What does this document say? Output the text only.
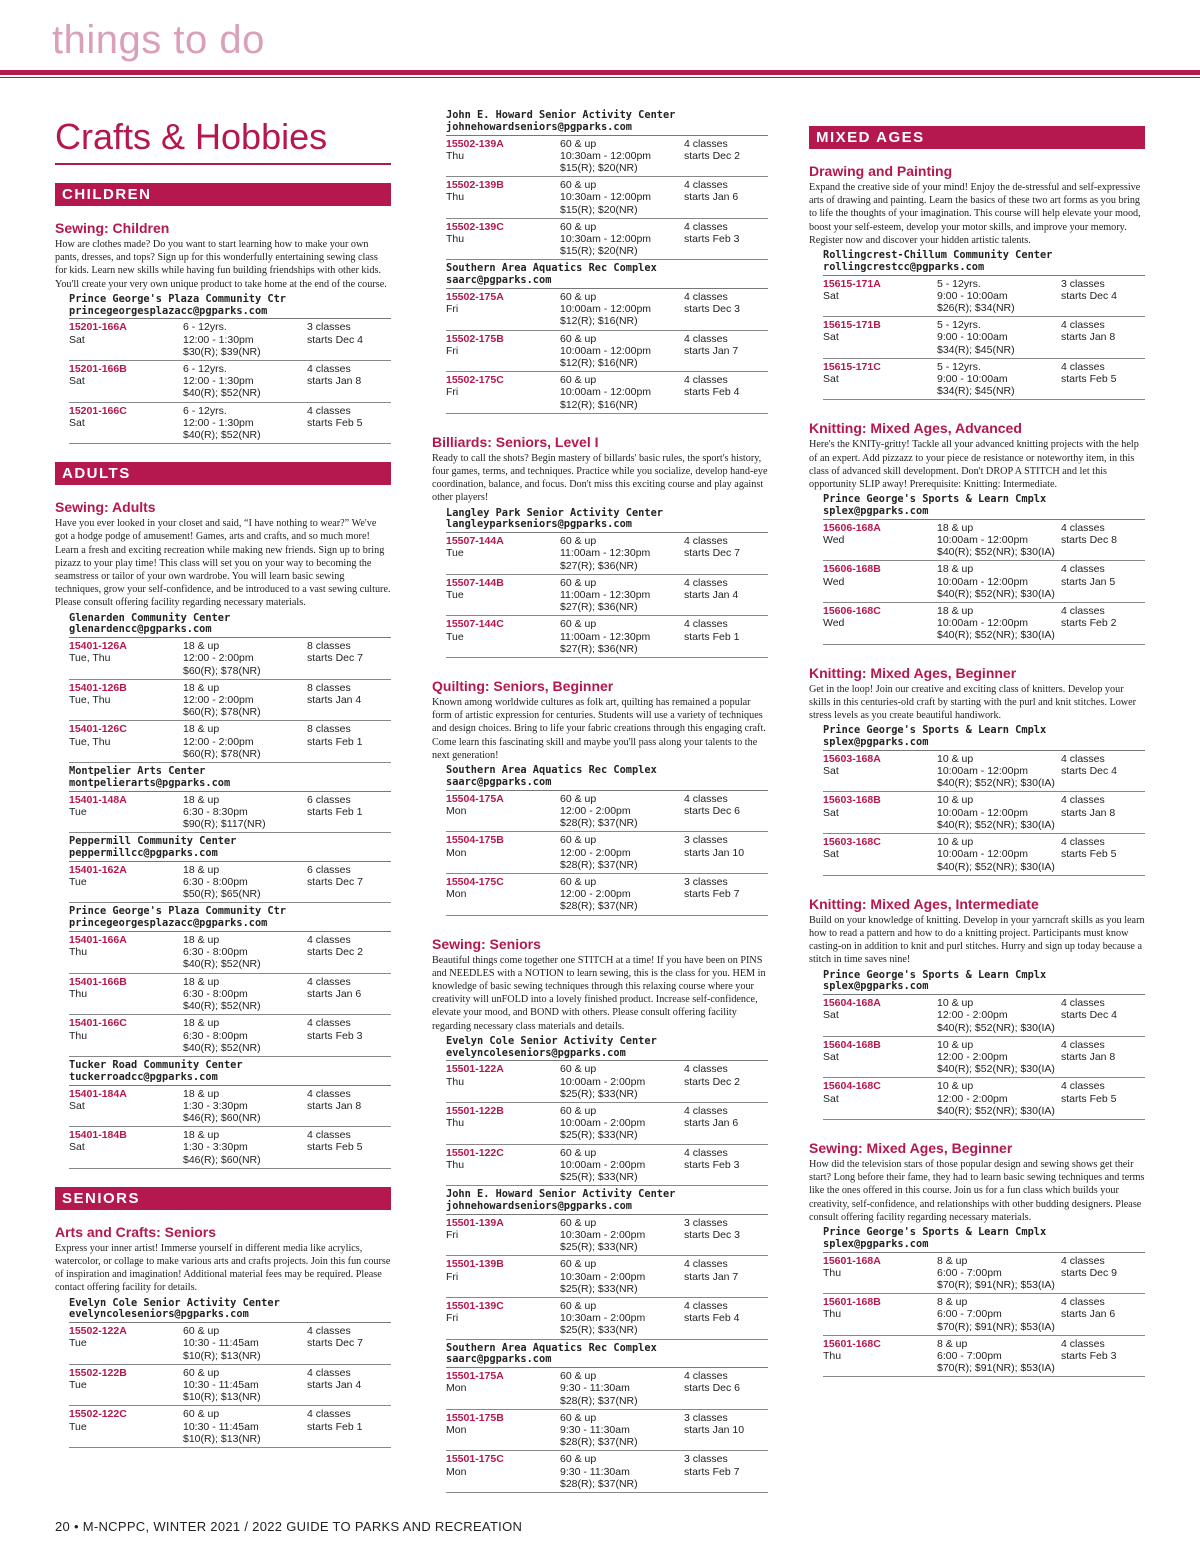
things to do
Crafts & Hobbies
CHILDREN
Sewing: Children
How are clothes made? Do you want to start learning how to make your own pants, dresses, and tops? Sign up for this wonderfully entertaining sewing class for kids. Learn new skills while having fun building friendships with other kids. You'll create your very own unique product to take home at the end of the course.
Prince George's Plaza Community Ctr
princegeorgesplazacc@pgparks.com
15201-166A
Sat
6 - 12yrs.
12:00 - 1:30pm
$30(R); $39(NR)
3 classes
starts Dec 4
15201-166B
Sat
6 - 12yrs.
12:00 - 1:30pm
$40(R); $52(NR)
4 classes
starts Jan 8
15201-166C
Sat
6 - 12yrs.
12:00 - 1:30pm
$40(R); $52(NR)
4 classes
starts Feb 5
ADULTS
Sewing: Adults
Have you ever looked in your closet and said, “I have nothing to wear?” We've got a hodge podge of amusement! Games, arts and crafts, and so much more! Learn a fresh and exciting recreation while making new friends. Sign up to bring pizazz to your play time! This class will set you on your way to becoming the seamstress or tailor of your own wardrobe. You will learn basic sewing techniques, grow your self-confidence, and be introduced to a vast sewing culture. Please consult offering facility regarding necessary materials.
Glenarden Community Center
glenardencc@pgparks.com
15401-126A
Tue, Thu
18 & up
12:00 - 2:00pm
$60(R); $78(NR)
8 classes
starts Dec 7
15401-126B
Tue, Thu
18 & up
12:00 - 2:00pm
$60(R); $78(NR)
8 classes
starts Jan 4
15401-126C
Tue, Thu
18 & up
12:00 - 2:00pm
$60(R); $78(NR)
8 classes
starts Feb 1
Montpelier Arts Center
montpelierarts@pgparks.com
15401-148A
Tue
18 & up
6:30 - 8:30pm
$90(R); $117(NR)
6 classes
starts Feb 1
Peppermill Community Center
peppermillcc@pgparks.com
15401-162A
Tue
18 & up
6:30 - 8:00pm
$50(R); $65(NR)
6 classes
starts Dec 7
Prince George's Plaza Community Ctr
princegeorgesplazacc@pgparks.com
15401-166A
Thu
18 & up
6:30 - 8:00pm
$40(R); $52(NR)
4 classes
starts Dec 2
15401-166B
Thu
18 & up
6:30 - 8:00pm
$40(R); $52(NR)
4 classes
starts Jan 6
15401-166C
Thu
18 & up
6:30 - 8:00pm
$40(R); $52(NR)
4 classes
starts Feb 3
Tucker Road Community Center
tuckerroadcc@pgparks.com
15401-184A
Sat
18 & up
1:30 - 3:30pm
$46(R); $60(NR)
4 classes
starts Jan 8
15401-184B
Sat
18 & up
1:30 - 3:30pm
$46(R); $60(NR)
4 classes
starts Feb 5
SENIORS
Arts and Crafts: Seniors
Express your inner artist! Immerse yourself in different media like acrylics, watercolor, or collage to make various arts and crafts projects. Join this fun course of inspiration and imagination! Additional material fees may be required. Please contact offering facility for details.
Evelyn Cole Senior Activity Center
evelyncoleseniors@pgparks.com
15502-122A
Tue
60 & up
10:30 - 11:45am
$10(R); $13(NR)
4 classes
starts Dec 7
15502-122B
Tue
60 & up
10:30 - 11:45am
$10(R); $13(NR)
4 classes
starts Jan 4
15502-122C
Tue
60 & up
10:30 - 11:45am
$10(R); $13(NR)
4 classes
starts Feb 1
John E. Howard Senior Activity Center
johnehowardseniors@pgparks.com
15502-139A
Thu
60 & up
10:30am - 12:00pm
$15(R); $20(NR)
4 classes
starts Dec 2
15502-139B
Thu
60 & up
10:30am - 12:00pm
$15(R); $20(NR)
4 classes
starts Jan 6
15502-139C
Thu
60 & up
10:30am - 12:00pm
$15(R); $20(NR)
4 classes
starts Feb 3
Southern Area Aquatics Rec Complex
saarc@pgparks.com
15502-175A
Fri
60 & up
10:00am - 12:00pm
$12(R); $16(NR)
4 classes
starts Dec 3
15502-175B
Fri
60 & up
10:00am - 12:00pm
$12(R); $16(NR)
4 classes
starts Jan 7
15502-175C
Fri
60 & up
10:00am - 12:00pm
$12(R); $16(NR)
4 classes
starts Feb 4
Billiards: Seniors, Level I
Ready to call the shots? Begin mastery of billards' basic rules, the sport's history, four games, terms, and techniques. Practice while you socialize, develop hand-eye coordination, balance, and focus. Don't miss this exciting course and play against other players!
Langley Park Senior Activity Center
langleyparkseniors@pgparks.com
15507-144A
Tue
60 & up
11:00am - 12:30pm
$27(R); $36(NR)
4 classes
starts Dec 7
15507-144B
Tue
60 & up
11:00am - 12:30pm
$27(R); $36(NR)
4 classes
starts Jan 4
15507-144C
Tue
60 & up
11:00am - 12:30pm
$27(R); $36(NR)
4 classes
starts Feb 1
Quilting: Seniors, Beginner
Known among worldwide cultures as folk art, quilting has remained a popular form of artistic expression for centuries. Students will use a variety of techniques and design choices. Bring to life your fabric creations through this engaging craft. Come learn this fascinating skill and maybe you'll pass along your talents to the next generation!
Southern Area Aquatics Rec Complex
saarc@pgparks.com
15504-175A
Mon
60 & up
12:00 - 2:00pm
$28(R); $37(NR)
4 classes
starts Dec 6
15504-175B
Mon
60 & up
12:00 - 2:00pm
$28(R); $37(NR)
3 classes
starts Jan 10
15504-175C
Mon
60 & up
12:00 - 2:00pm
$28(R); $37(NR)
3 classes
starts Feb 7
Sewing: Seniors
Beautiful things come together one STITCH at a time! If you have been on PINS and NEEDLES with a NOTION to learn sewing, this is the class for you. HEM in knowledge of basic sewing techniques through this relaxing course where your creativity will unFOLD into a lovely finished product. Increase self-confidence, elevate your mood, and BOND with others. Please consult offering facility regarding necessary class materials and details.
Evelyn Cole Senior Activity Center
evelyncoleseniors@pgparks.com
15501-122A
Thu
60 & up
10:00am - 2:00pm
$25(R); $33(NR)
4 classes
starts Dec 2
15501-122B
Thu
60 & up
10:00am - 2:00pm
$25(R); $33(NR)
4 classes
starts Jan 6
15501-122C
Thu
60 & up
10:00am - 2:00pm
$25(R); $33(NR)
4 classes
starts Feb 3
John E. Howard Senior Activity Center
johnehowardseniors@pgparks.com
15501-139A
Fri
60 & up
10:30am - 2:00pm
$25(R); $33(NR)
3 classes
starts Dec 3
15501-139B
Fri
60 & up
10:30am - 2:00pm
$25(R); $33(NR)
4 classes
starts Jan 7
15501-139C
Fri
60 & up
10:30am - 2:00pm
$25(R); $33(NR)
4 classes
starts Feb 4
Southern Area Aquatics Rec Complex
saarc@pgparks.com
15501-175A
Mon
60 & up
9:30 - 11:30am
$28(R); $37(NR)
4 classes
starts Dec 6
15501-175B
Mon
60 & up
9:30 - 11:30am
$28(R); $37(NR)
3 classes
starts Jan 10
15501-175C
Mon
60 & up
9:30 - 11:30am
$28(R); $37(NR)
3 classes
starts Feb 7
MIXED AGES
Drawing and Painting
Expand the creative side of your mind! Enjoy the de-stressful and self-expressive arts of drawing and painting. Learn the basics of these two art forms as you bring to life the thoughts of your imagination. This course will help elevate your mood, boost your self-esteem, develop your motor skills, and improve your memory. Register now and discover your hidden artistic talents.
Rollingcrest-Chillum Community Center
rollingcrestcc@pgparks.com
15615-171A
Sat
5 - 12yrs.
9:00 - 10:00am
$26(R); $34(NR)
3 classes
starts Dec 4
15615-171B
Sat
5 - 12yrs.
9:00 - 10:00am
$34(R); $45(NR)
4 classes
starts Jan 8
15615-171C
Sat
5 - 12yrs.
9:00 - 10:00am
$34(R); $45(NR)
4 classes
starts Feb 5
Knitting: Mixed Ages, Advanced
Here's the KNITy-gritty! Tackle all your advanced knitting projects with the help of an expert. Add pizzazz to your piece de resistance or noteworthy item, in this class of advanced skill development. Don't DROP A STITCH and let this opportunity SLIP away! Prerequisite: Knitting: Intermediate.
Prince George's Sports & Learn Cmplx
splex@pgparks.com
15606-168A
Wed
18 & up
10:00am - 12:00pm
$40(R); $52(NR); $30(IA)
4 classes
starts Dec 8
15606-168B
Wed
18 & up
10:00am - 12:00pm
$40(R); $52(NR); $30(IA)
4 classes
starts Jan 5
15606-168C
Wed
18 & up
10:00am - 12:00pm
$40(R); $52(NR); $30(IA)
4 classes
starts Feb 2
Knitting: Mixed Ages, Beginner
Get in the loop! Join our creative and exciting class of knitters. Develop your skills in this centuries-old craft by starting with the purl and knit stitches. Lower stress levels as you create beautiful handiwork.
Prince George's Sports & Learn Cmplx
splex@pgparks.com
15603-168A
Sat
10 & up
10:00am - 12:00pm
$40(R); $52(NR); $30(IA)
4 classes
starts Dec 4
15603-168B
Sat
10 & up
10:00am - 12:00pm
$40(R); $52(NR); $30(IA)
4 classes
starts Jan 8
15603-168C
Sat
10 & up
10:00am - 12:00pm
$40(R); $52(NR); $30(IA)
4 classes
starts Feb 5
Knitting: Mixed Ages, Intermediate
Build on your knowledge of knitting. Develop in your yarncraft skills as you learn how to read a pattern and how to do a knitting project. Participants must know casting-on in addition to knit and purl stitches. Hurry and sign up today because a stitch in time saves nine!
Prince George's Sports & Learn Cmplx
splex@pgparks.com
15604-168A
Sat
10 & up
12:00 - 2:00pm
$40(R); $52(NR); $30(IA)
4 classes
starts Dec 4
15604-168B
Sat
10 & up
12:00 - 2:00pm
$40(R); $52(NR); $30(IA)
4 classes
starts Jan 8
15604-168C
Sat
10 & up
12:00 - 2:00pm
$40(R); $52(NR); $30(IA)
4 classes
starts Feb 5
Sewing: Mixed Ages, Beginner
How did the television stars of those popular design and sewing shows get their start? Long before their fame, they had to learn basic sewing techniques and terms like the ones offered in this course. Join us for a fun class which builds your creativity, self-confidence, and relationships with other budding designers. Please consult offering facility regarding necessary materials.
Prince George's Sports & Learn Cmplx
splex@pgparks.com
15601-168A
Thu
8 & up
6:00 - 7:00pm
$70(R); $91(NR); $53(IA)
4 classes
starts Dec 9
15601-168B
Thu
8 & up
6:00 - 7:00pm
$70(R); $91(NR); $53(IA)
4 classes
starts Jan 6
15601-168C
Thu
8 & up
6:00 - 7:00pm
$70(R); $91(NR); $53(IA)
4 classes
starts Feb 3
20 • M-NCPPC, WINTER 2021 / 2022 GUIDE TO PARKS AND RECREATION
